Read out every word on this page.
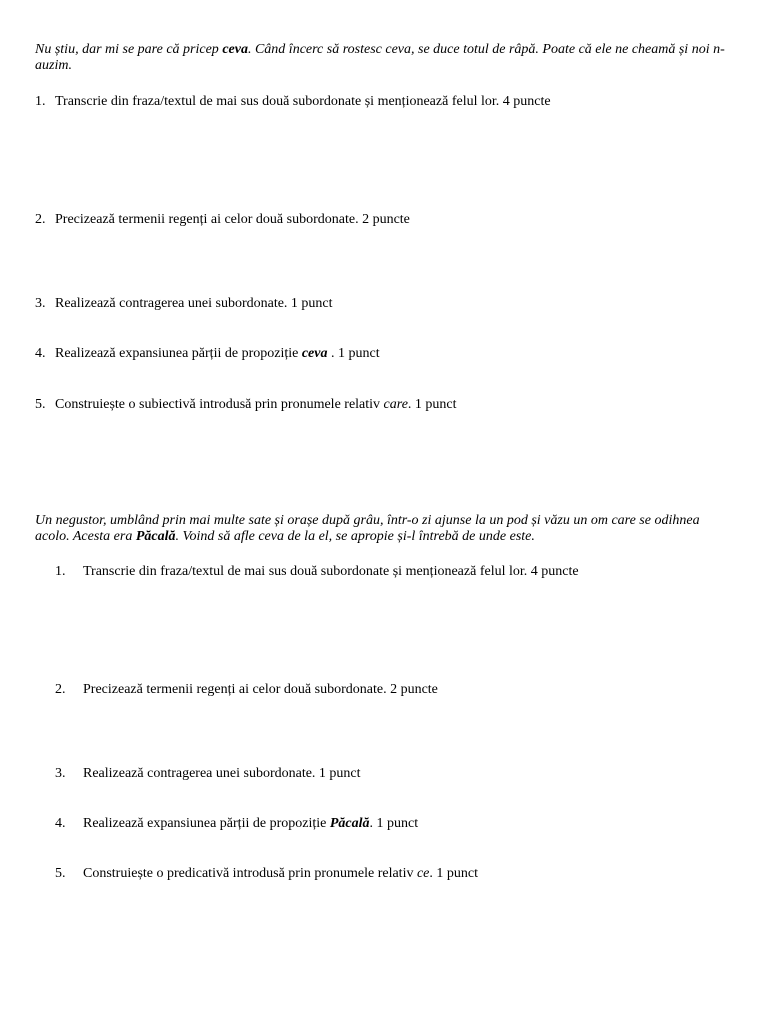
Nu știu, dar mi se pare că pricep ceva. Când încerc să rostesc ceva, se duce totul de râpă. Poate că ele ne cheamă și noi n-auzim.

1. Transcrie din fraza/textul de mai sus două subordonate și menționează felul lor. 4 puncte

2. Precizează termenii regenți ai celor două subordonate. 2 puncte

3. Realizează contragerea unei subordonate. 1 punct

4. Realizează expansiunea părții de propoziție ceva . 1 punct

5. Construiește o subiectivă introdusă prin pronumele relativ care. 1 punct

Un negustor, umblând prin mai multe sate și orașe după grâu, într-o zi ajunse la un pod și văzu un om care se odihnea acolo. Acesta era Păcală. Voind să afle ceva de la el, se apropie și-l întrebă de unde este.

1. Transcrie din fraza/textul de mai sus două subordonate și menționează felul lor. 4 puncte

2. Precizează termenii regenți ai celor două subordonate. 2 puncte

3. Realizează contragerea unei subordonate. 1 punct

4. Realizează expansiunea părții de propoziție Păcală. 1 punct

5. Construiește o predicativă introdusă prin pronumele relativ ce. 1 punct
